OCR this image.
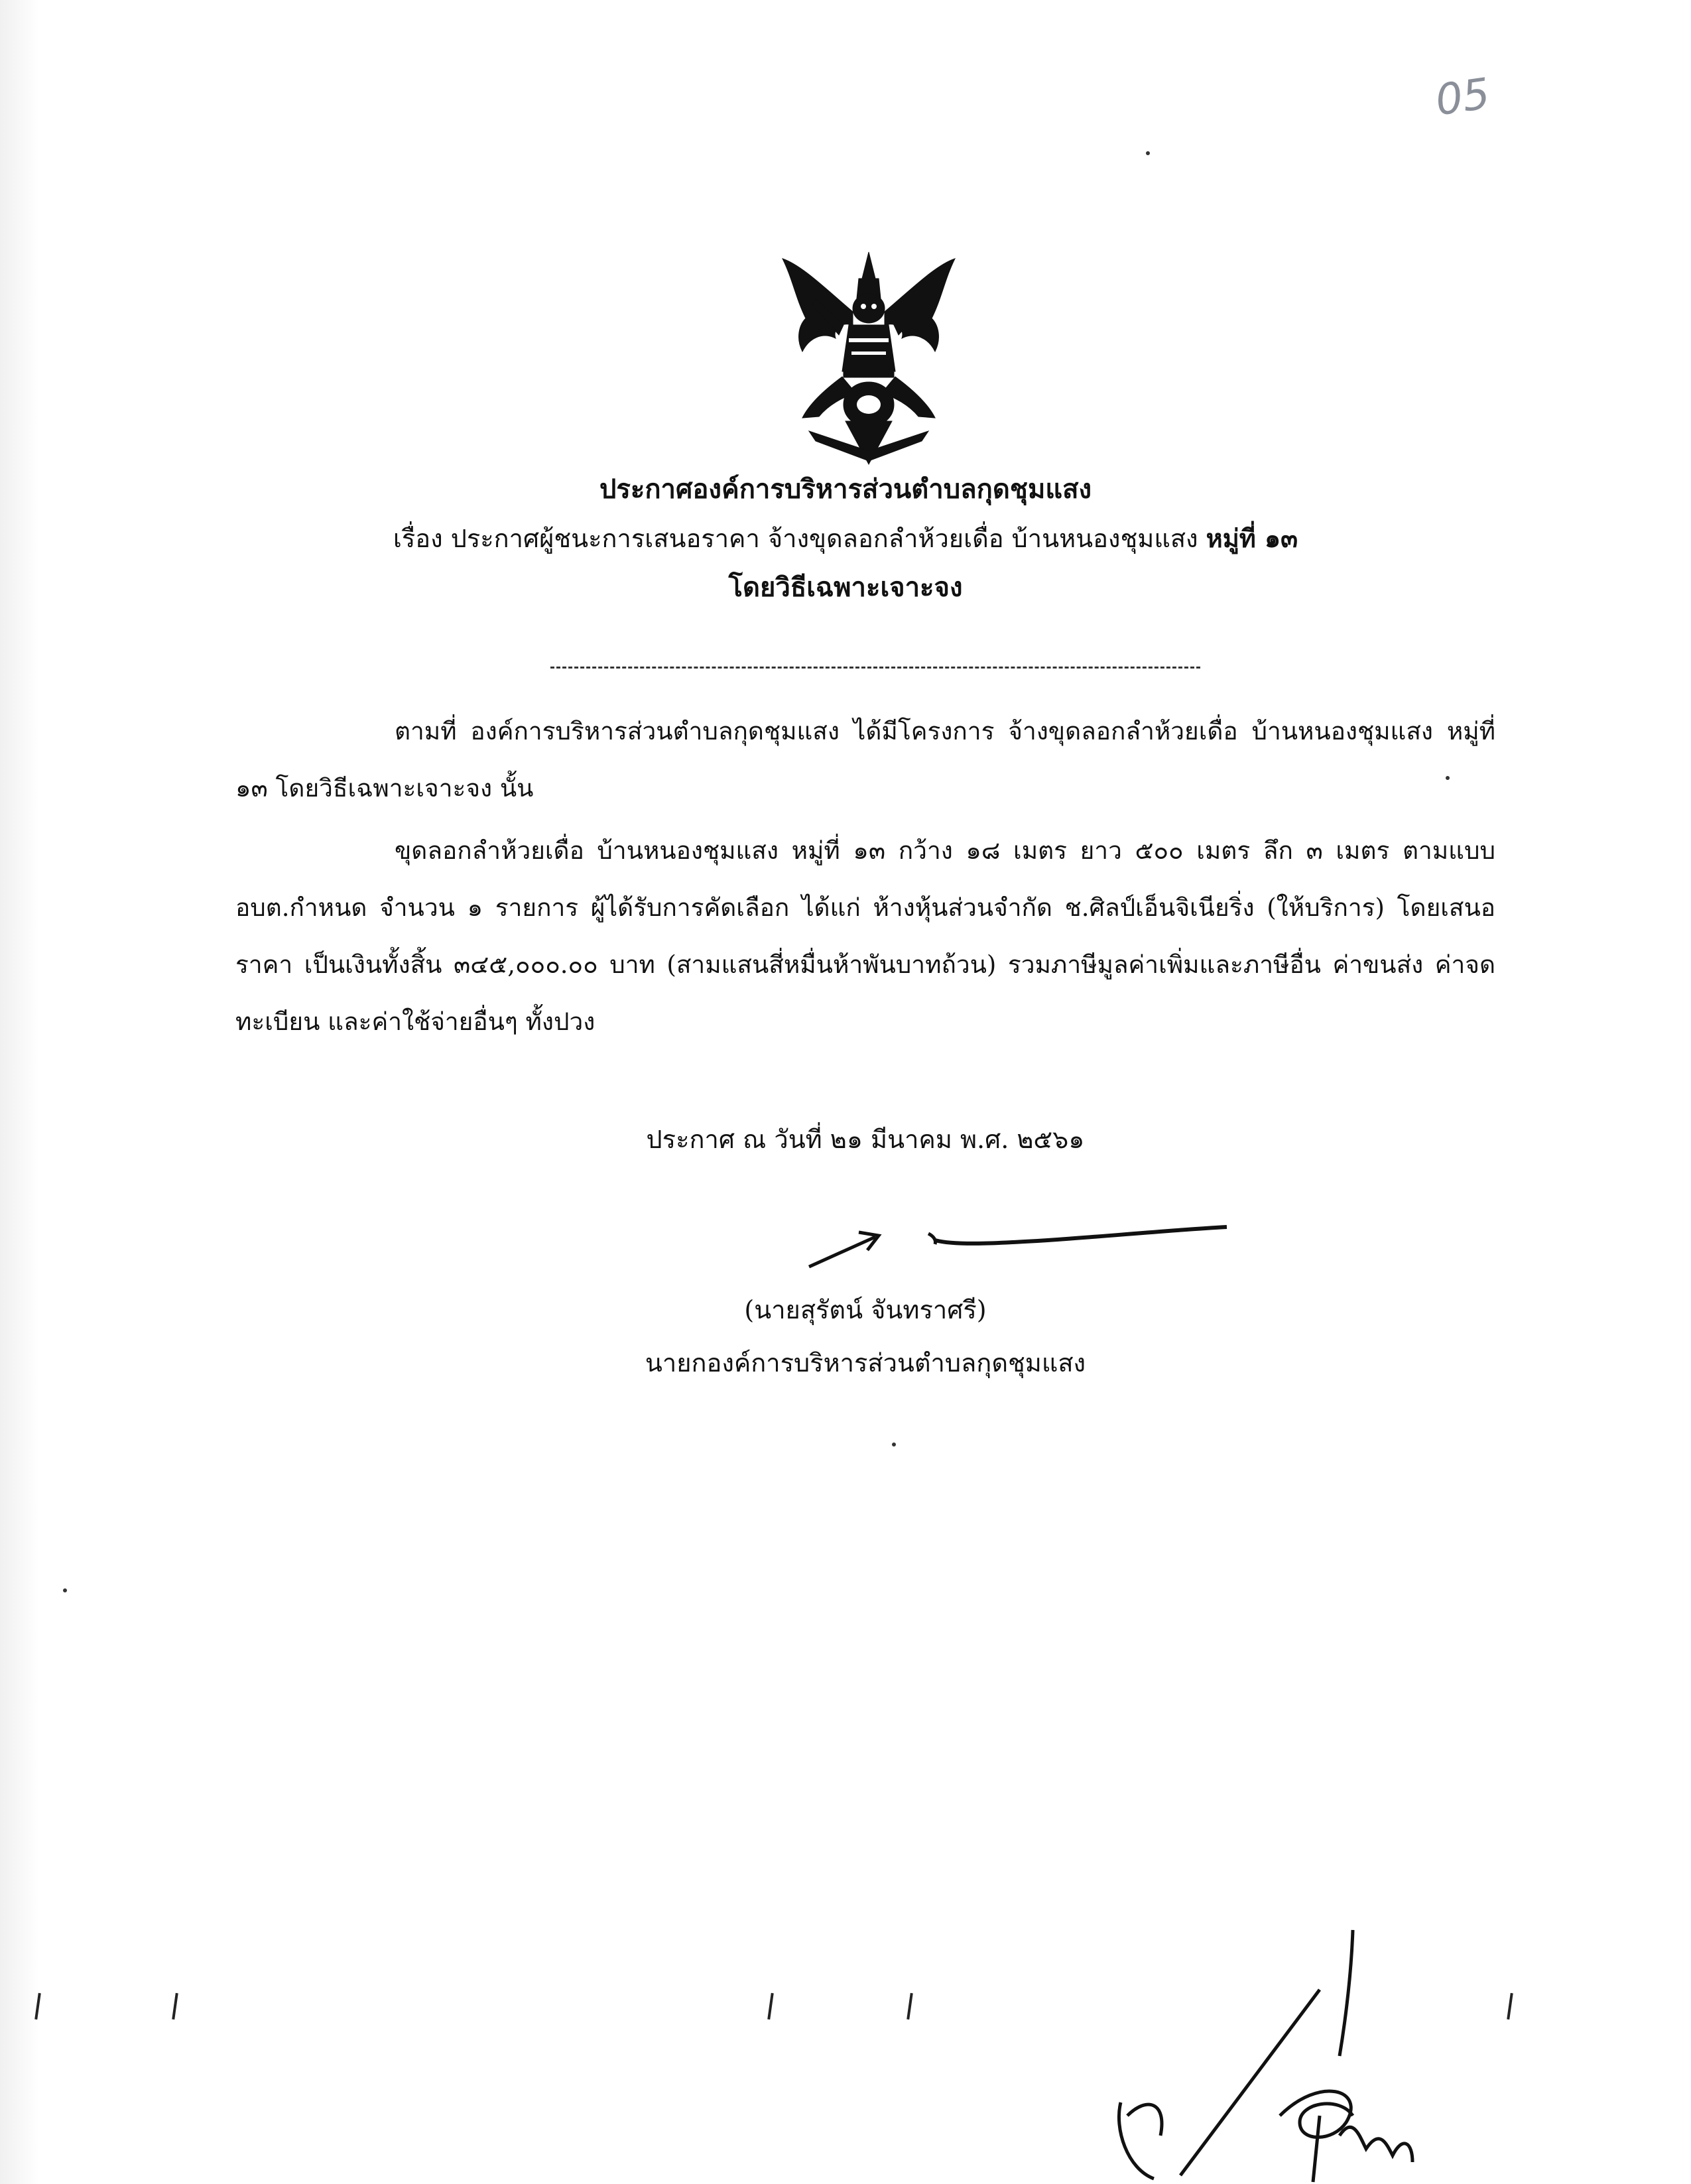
05
ประกาศองค์การบริหารส่วนตำบลกุดชุมแสง
เรื่อง ประกาศผู้ชนะการเสนอราคา จ้างขุดลอกลำห้วยเดื่อ บ้านหนองชุมแสง หมู่ที่ ๑๓
โดยวิธีเฉพาะเจาะจง
ตามที่ องค์การบริหารส่วนตำบลกุดชุมแสง ได้มีโครงการ จ้างขุดลอกลำห้วยเดื่อ บ้านหนองชุมแสง หมู่ที่ ๑๓ โดยวิธีเฉพาะเจาะจง นั้น
ขุดลอกลำห้วยเดื่อ บ้านหนองชุมแสง หมู่ที่ ๑๓ กว้าง ๑๘ เมตร ยาว ๕๐๐ เมตร ลึก ๓ เมตร ตามแบบ อบต.กำหนด จำนวน ๑ รายการ ผู้ได้รับการคัดเลือก ได้แก่ ห้างหุ้นส่วนจำกัด ช.ศิลป์เอ็นจิเนียริ่ง (ให้บริการ) โดยเสนอราคา เป็นเงินทั้งสิ้น ๓๔๕,๐๐๐.๐๐ บาท (สามแสนสี่หมื่นห้าพันบาทถ้วน) รวมภาษีมูลค่าเพิ่มและภาษีอื่น ค่าขนส่ง ค่าจดทะเบียน และค่าใช้จ่ายอื่นๆ ทั้งปวง
ประกาศ ณ วันที่ ๒๑ มีนาคม พ.ศ. ๒๕๖๑
(นายสุรัตน์ จันทราศรี)
นายกองค์การบริหารส่วนตำบลกุดชุมแสง
